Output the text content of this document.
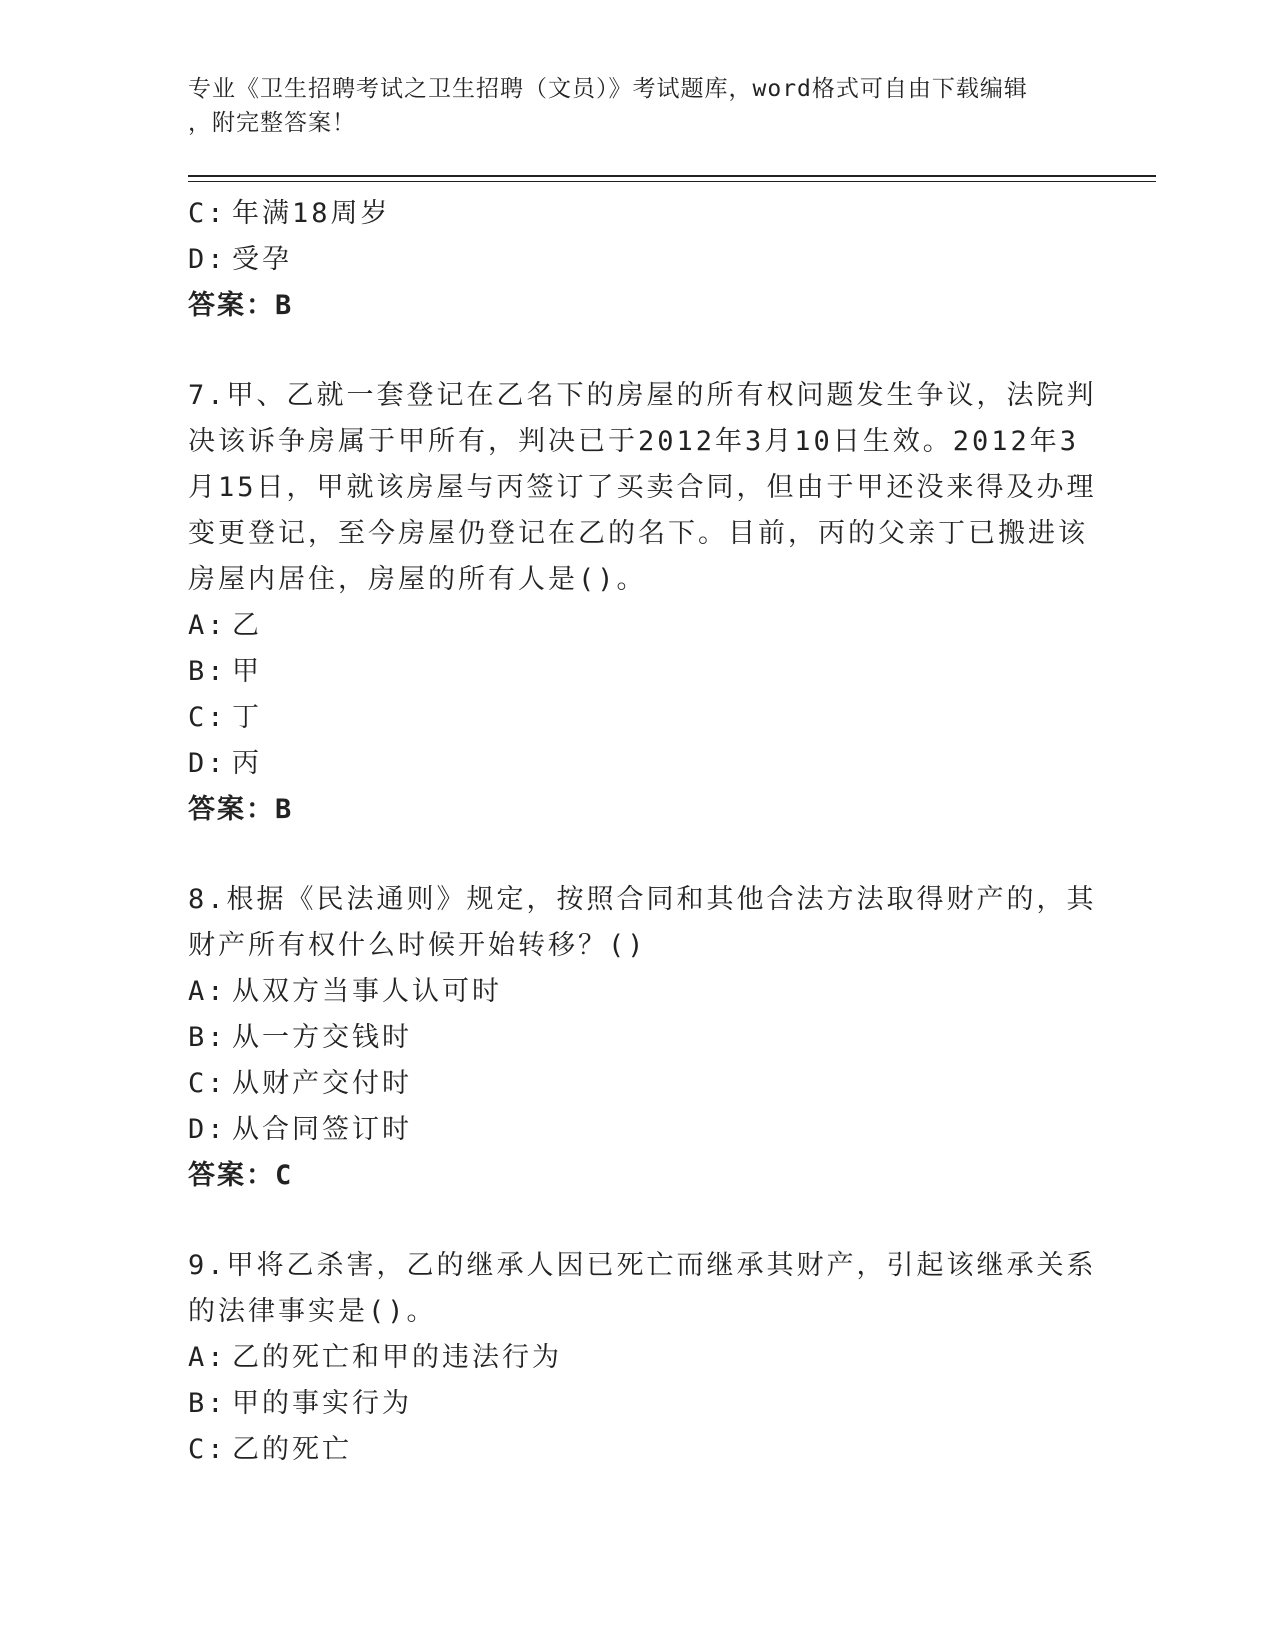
专业《卫生招聘考试之卫生招聘（文员）》考试题库，word格式可自由下载编辑
，附完整答案！
C: 年满18周岁
D: 受孕
答案：B
7.甲、乙就一套登记在乙名下的房屋的所有权问题发生争议，法院判
决该诉争房属于甲所有，判决已于2012年3月10日生效。2012年3
月15日，甲就该房屋与丙签订了买卖合同，但由于甲还没来得及办理
变更登记，至今房屋仍登记在乙的名下。目前，丙的父亲丁已搬进该
房屋内居住，房屋的所有人是()。
A: 乙
B: 甲
C: 丁
D: 丙
答案：B
8.根据《民法通则》规定，按照合同和其他合法方法取得财产的，其
财产所有权什么时候开始转移？()
A: 从双方当事人认可时
B: 从一方交钱时
C: 从财产交付时
D: 从合同签订时
答案：C
9.甲将乙杀害，乙的继承人因已死亡而继承其财产，引起该继承关系
的法律事实是()。
A: 乙的死亡和甲的违法行为
B: 甲的事实行为
C: 乙的死亡
